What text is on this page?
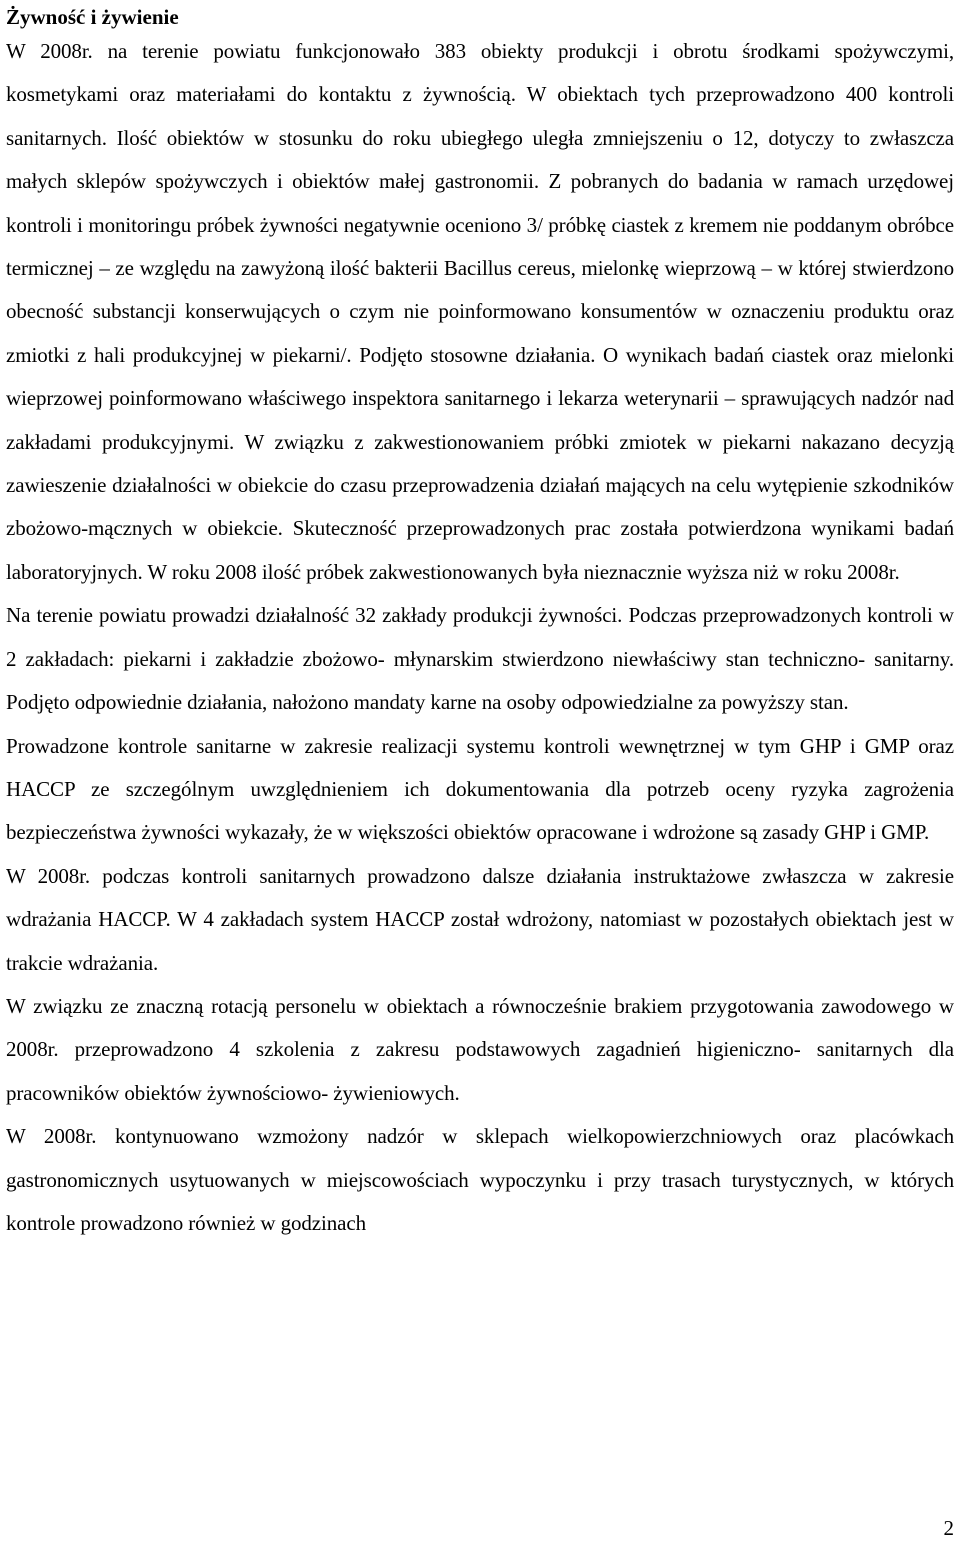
Żywność i żywienie

W 2008r. na terenie powiatu funkcjonowało 383 obiekty produkcji i obrotu środkami spożywczymi, kosmetykami oraz materiałami do kontaktu z żywnością. W obiektach tych przeprowadzono 400 kontroli sanitarnych. Ilość obiektów w stosunku do roku ubiegłego uległa zmniejszeniu o 12, dotyczy to zwłaszcza małych sklepów spożywczych i obiektów małej gastronomii. Z pobranych do badania w ramach urzędowej kontroli i monitoringu próbek żywności negatywnie oceniono 3/ próbkę ciastek z kremem nie poddanym obróbce termicznej – ze względu na zawyżoną ilość bakterii Bacillus cereus, mielonkę wieprzową – w której stwierdzono obecność substancji konserwujących o czym nie poinformowano konsumentów w oznaczeniu produktu oraz zmiotki z hali produkcyjnej w piekarni/. Podjęto stosowne działania. O wynikach badań ciastek oraz mielonki wieprzowej poinformowano właściwego inspektora sanitarnego i lekarza weterynarii – sprawujących nadzór nad zakładami produkcyjnymi. W związku z zakwestionowaniem próbki zmiotek w piekarni nakazano decyzją zawieszenie działalności w obiekcie do czasu przeprowadzenia działań mających na celu wytępienie szkodników zbożowo-mącznych w obiekcie. Skuteczność przeprowadzonych prac została potwierdzona wynikami badań laboratoryjnych. W roku 2008 ilość próbek zakwestionowanych była nieznacznie wyższa niż w roku 2008r.

Na terenie powiatu prowadzi działalność 32 zakłady produkcji żywności. Podczas przeprowadzonych kontroli w 2 zakładach: piekarni i zakładzie zbożowo- młynarskim stwierdzono niewłaściwy stan techniczno- sanitarny. Podjęto odpowiednie działania, nałożono mandaty karne na osoby odpowiedzialne za powyższy stan.

Prowadzone kontrole sanitarne w zakresie realizacji systemu kontroli wewnętrznej w tym GHP i GMP oraz HACCP ze szczególnym uwzględnieniem ich dokumentowania dla potrzeb oceny ryzyka zagrożenia bezpieczeństwa żywności wykazały, że w większości obiektów opracowane i wdrożone są zasady GHP i GMP.

W 2008r. podczas kontroli sanitarnych prowadzono dalsze działania instruktażowe zwłaszcza w zakresie wdrażania HACCP. W 4 zakładach system HACCP został wdrożony, natomiast w pozostałych obiektach jest w trakcie wdrażania.

W związku ze znaczną rotacją personelu w obiektach a równocześnie brakiem przygotowania zawodowego w 2008r. przeprowadzono 4 szkolenia z zakresu podstawowych zagadnień higieniczno- sanitarnych dla pracowników obiektów żywnościowo- żywieniowych.

W 2008r. kontynuowano wzmożony nadzór w sklepach wielkopowierzchniowych oraz placówkach gastronomicznych usytuowanych w miejscowościach wypoczynku i przy trasach turystycznych, w których kontrole prowadzono również w godzinach

2
